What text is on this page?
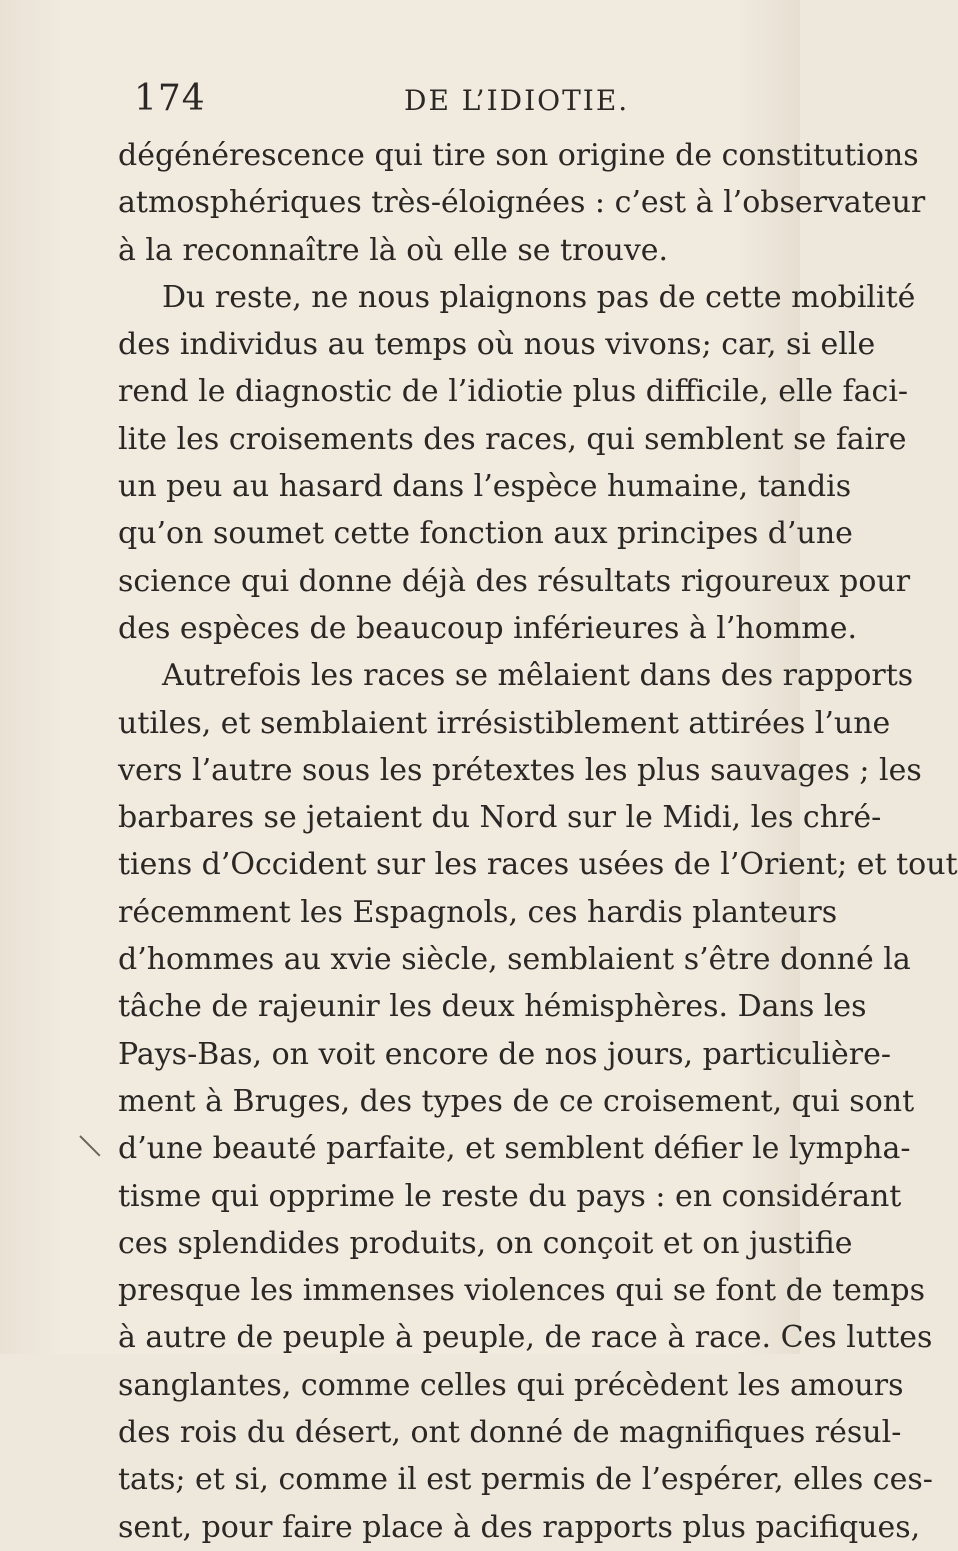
174	DE L’IDIOTIE.
dégénérescence qui tire son origine de constitutions
atmosphériques très-éloignées : c’est à l’observateur
à la reconnaître là où elle se trouve.
Du reste, ne nous plaignons pas de cette mobilité
des individus au temps où nous vivons; car, si elle
rend le diagnostic de l’idiotie plus difficile, elle faci-
lite les croisements des races, qui semblent se faire
un peu au hasard dans l’espèce humaine, tandis
qu’on soumet cette fonction aux principes d’une
science qui donne déjà des résultats rigoureux pour
des espèces de beaucoup inférieures à l’homme.
Autrefois les races se mêlaient dans des rapports
utiles, et semblaient irrésistiblement attirées l’une
vers l’autre sous les prétextes les plus sauvages ; les
barbares se jetaient du Nord sur le Midi, les chré-
tiens d’Occident sur les races usées de l’Orient; et tout
récemment les Espagnols, ces hardis planteurs
d’hommes au xvie siècle, semblaient s’être donné la
tâche de rajeunir les deux hémisphères. Dans les
Pays-Bas, on voit encore de nos jours, particulière-
ment à Bruges, des types de ce croisement, qui sont
d’une beauté parfaite, et semblent défier le lympha-
tisme qui opprime le reste du pays : en considérant
ces splendides produits, on conçoit et on justifie
presque les immenses violences qui se font de temps
à autre de peuple à peuple, de race à race. Ces luttes
sanglantes, comme celles qui précèdent les amours
des rois du désert, ont donné de magnifiques résul-
tats; et si, comme il est permis de l’espérer, elles ces-
sent, pour faire place à des rapports plus pacifiques,
